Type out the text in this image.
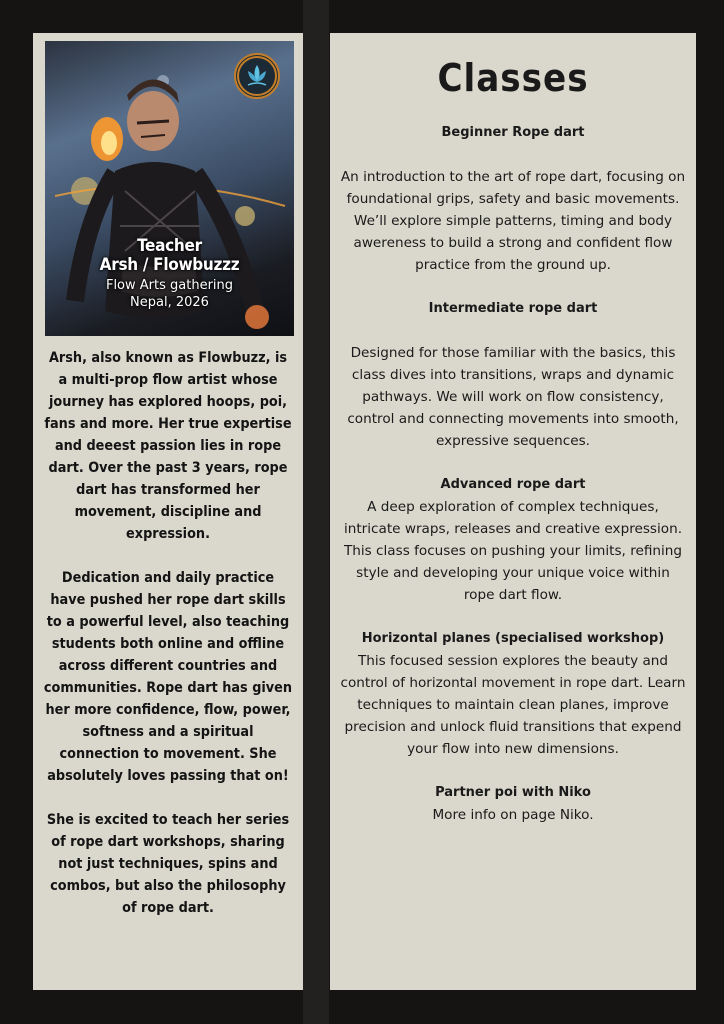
Teacher
Arsh / Flowbuzzz
Flow Arts gathering
Nepal, 2026

Arsh, also known as Flowbuzz, is a multi-prop flow artist whose journey has explored hoops, poi, fans and more. Her true expertise and deeest passion lies in rope dart. Over the past 3 years, rope dart has transformed her movement, discipline and expression.

Dedication and daily practice have pushed her rope dart skills to a powerful level, also teaching students both online and offline across different countries and communities. Rope dart has given her more confidence, flow, power, softness and a spiritual connection to movement. She absolutely loves passing that on!

She is excited to teach her series of rope dart workshops, sharing not just techniques, spins and combos, but also the philosophy of rope dart.

Classes

Beginner Rope dart

An introduction to the art of rope dart, focusing on foundational grips, safety and basic movements. We’ll explore simple patterns, timing and body awereness to build a strong and confident flow practice from the ground up.

Intermediate rope dart

Designed for those familiar with the basics, this class dives into transitions, wraps and dynamic pathways. We will work on flow consistency, control and connecting movements into smooth, expressive sequences.

Advanced rope dart

A deep exploration of complex techniques, intricate wraps, releases and creative expression. This class focuses on pushing your limits, refining style and developing your unique voice within rope dart flow.

Horizontal planes (specialised workshop)

This focused session explores the beauty and control of horizontal movement in rope dart. Learn techniques to maintain clean planes, improve precision and unlock fluid transitions that expend your flow into new dimensions.

Partner poi with Niko

More info on page Niko.
